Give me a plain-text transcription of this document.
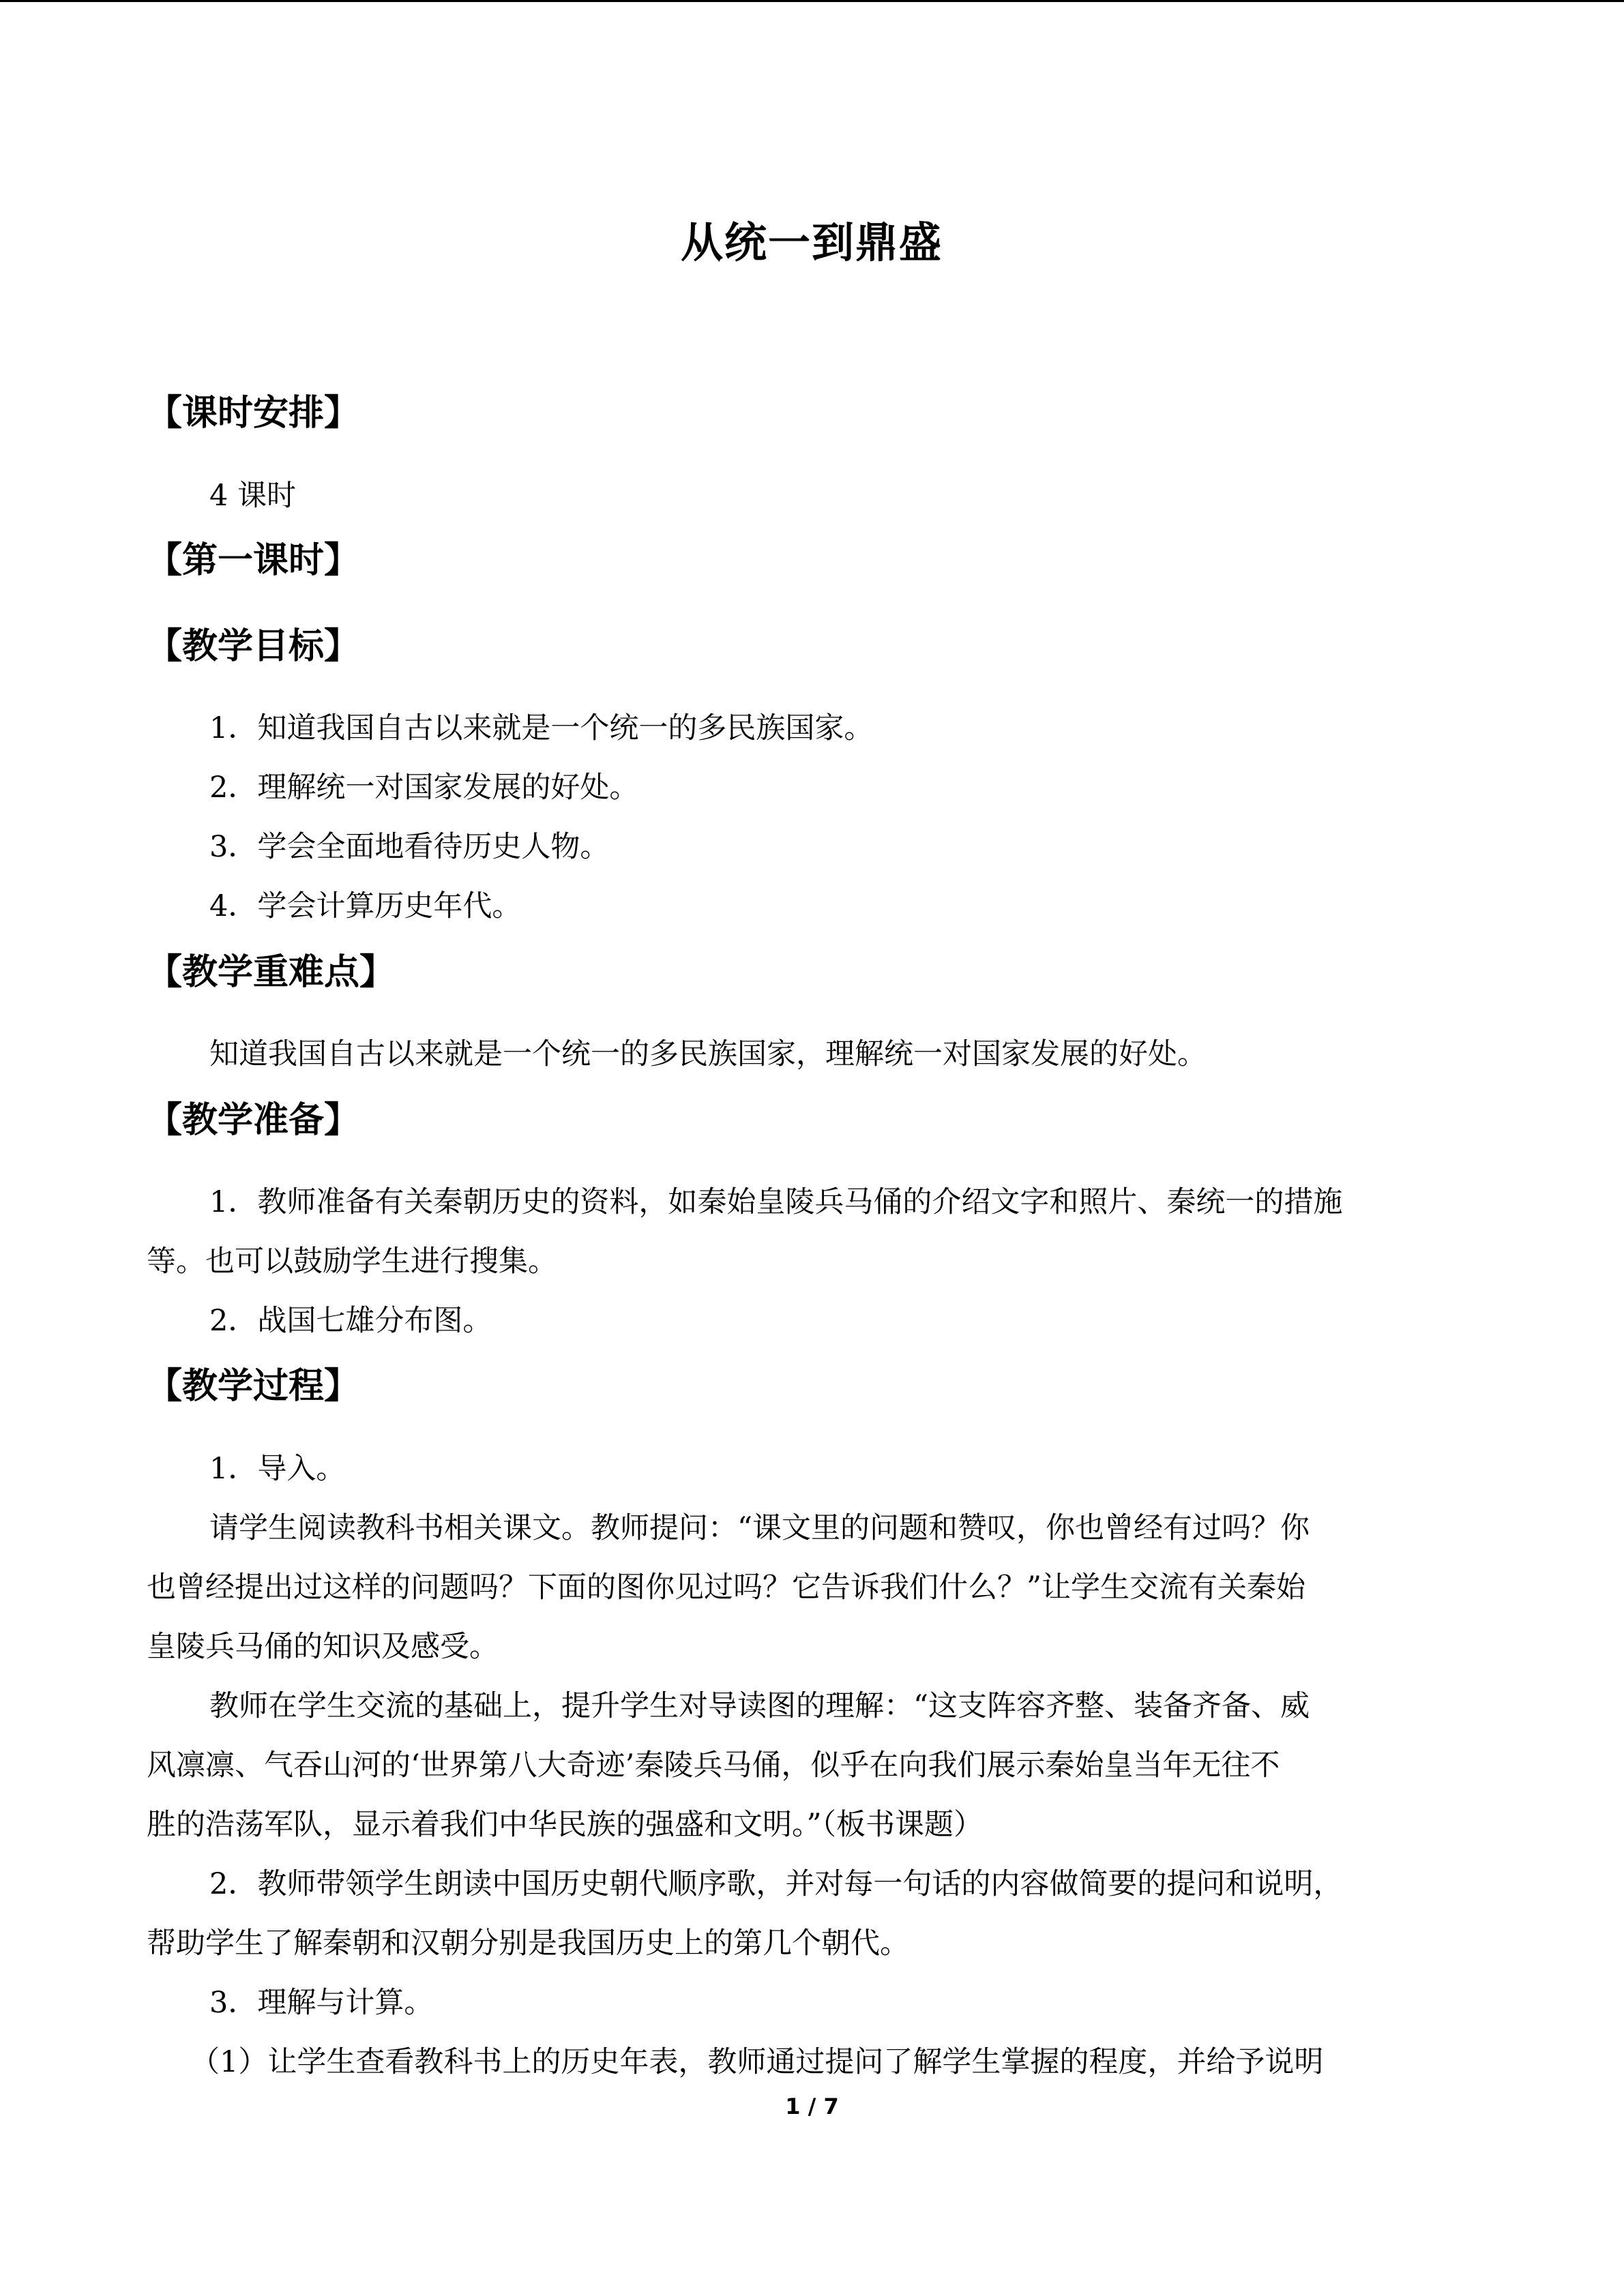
从统一到鼎盛
【课时安排】
4 课时
【第一课时】
【教学目标】
1．知道我国自古以来就是一个统一的多民族国家。
2．理解统一对国家发展的好处。
3．学会全面地看待历史人物。
4．学会计算历史年代。
【教学重难点】
知道我国自古以来就是一个统一的多民族国家，理解统一对国家发展的好处。
【教学准备】
1．教师准备有关秦朝历史的资料，如秦始皇陵兵马俑的介绍文字和照片、秦统一的措施
等。也可以鼓励学生进行搜集。
2．战国七雄分布图。
【教学过程】
1．导入。
请学生阅读教科书相关课文。教师提问：“课文里的问题和赞叹，你也曾经有过吗？你
也曾经提出过这样的问题吗？下面的图你见过吗？它告诉我们什么？”让学生交流有关秦始
皇陵兵马俑的知识及感受。
教师在学生交流的基础上，提升学生对导读图的理解：“这支阵容齐整、装备齐备、威
风凛凛、气吞山河的‘世界第八大奇迹’秦陵兵马俑，似乎在向我们展示秦始皇当年无往不
胜的浩荡军队，显示着我们中华民族的强盛和文明。”（板书课题）
2．教师带领学生朗读中国历史朝代顺序歌，并对每一句话的内容做简要的提问和说明，
帮助学生了解秦朝和汉朝分别是我国历史上的第几个朝代。
3．理解与计算。
（1）让学生查看教科书上的历史年表，教师通过提问了解学生掌握的程度，并给予说明
1 / 7
